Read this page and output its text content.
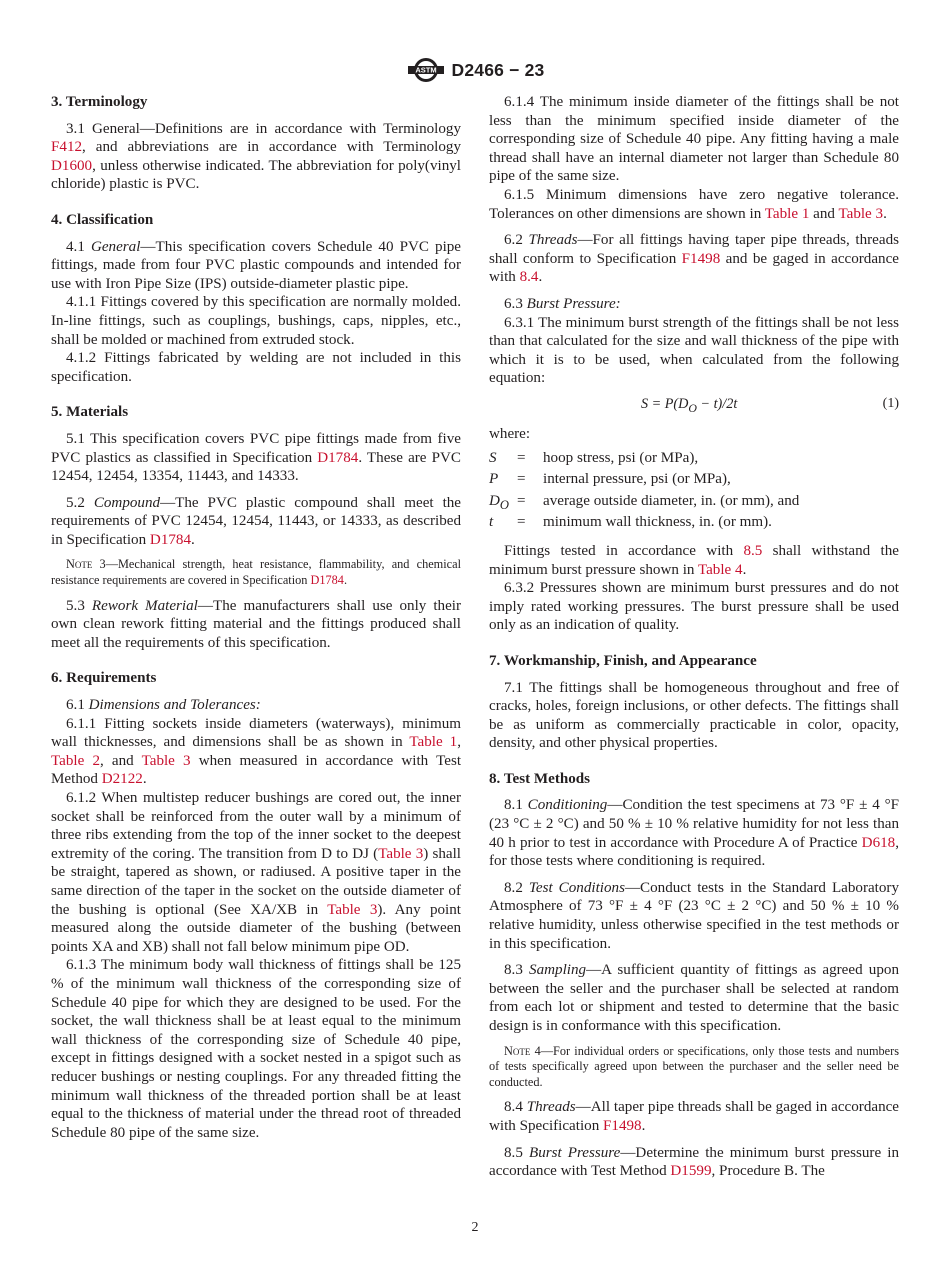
ASTM D2466 − 23
3. Terminology

3.1 General—Definitions are in accordance with Terminology F412, and abbreviations are in accordance with Terminology D1600, unless otherwise indicated. The abbreviation for poly(vinyl chloride) plastic is PVC.

4. Classification

4.1 General—This specification covers Schedule 40 PVC pipe fittings, made from four PVC plastic compounds and intended for use with Iron Pipe Size (IPS) outside-diameter plastic pipe.

4.1.1 Fittings covered by this specification are normally molded. In-line fittings, such as couplings, bushings, caps, nipples, etc., shall be molded or machined from extruded stock.

4.1.2 Fittings fabricated by welding are not included in this specification.

5. Materials

5.1 This specification covers PVC pipe fittings made from five PVC plastics as classified in Specification D1784. These are PVC 12454, 12454, 13354, 11443, and 14333.

5.2 Compound—The PVC plastic compound shall meet the requirements of PVC 12454, 12454, 11443, or 14333, as described in Specification D1784.

Note 3—Mechanical strength, heat resistance, flammability, and chemical resistance requirements are covered in Specification D1784.

5.3 Rework Material—The manufacturers shall use only their own clean rework fitting material and the fittings produced shall meet all the requirements of this specification.

6. Requirements

6.1 Dimensions and Tolerances:

6.1.1 Fitting sockets inside diameters (waterways), minimum wall thicknesses, and dimensions shall be as shown in Table 1, Table 2, and Table 3 when measured in accordance with Test Method D2122.

6.1.2 When multistep reducer bushings are cored out, the inner socket shall be reinforced from the outer wall by a minimum of three ribs extending from the top of the inner socket to the deepest extremity of the coring. The transition from D to DJ (Table 3) shall be straight, tapered as shown, or radiused. A positive taper in the same direction of the taper in the socket on the outside diameter of the bushing is optional (See XA/XB in Table 3). Any point measured along the outside diameter of the bushing (between points XA and XB) shall not fall below minimum pipe OD.

6.1.3 The minimum body wall thickness of fittings shall be 125 % of the minimum wall thickness of the corresponding size of Schedule 40 pipe for which they are designed to be used. For the socket, the wall thickness shall be at least equal to the minimum wall thickness of the corresponding size of Schedule 40 pipe, except in fittings designed with a socket nested in a spigot such as reducer bushings or nesting couplings. For any threaded fitting the minimum wall thickness of the threaded portion shall be at least equal to the thickness of material under the thread root of threaded Schedule 80 pipe of the same size.

6.1.4 The minimum inside diameter of the fittings shall be not less than the minimum specified inside diameter of the corresponding size of Schedule 40 pipe. Any fitting having a male thread shall have an internal diameter not larger than Schedule 80 pipe of the same size.

6.1.5 Minimum dimensions have zero negative tolerance. Tolerances on other dimensions are shown in Table 1 and Table 3.

6.2 Threads—For all fittings having taper pipe threads, threads shall conform to Specification F1498 and be gaged in accordance with 8.4.

6.3 Burst Pressure:

6.3.1 The minimum burst strength of the fittings shall be not less than that calculated for the size and wall thickness of the pipe with which it is to be used, when calculated from the following equation:

$S = P(D_O - t)/2t$	(1)

where:

S	=	hoop stress, psi (or MPa),
P	=	internal pressure, psi (or MPa),
$D_O$ =	average outside diameter, in. (or mm), and
t	=	minimum wall thickness, in. (or mm).

Fittings tested in accordance with 8.5 shall withstand the minimum burst pressure shown in Table 4.

6.3.2 Pressures shown are minimum burst pressures and do not imply rated working pressures. The burst pressure shall be used only as an indication of quality.

7. Workmanship, Finish, and Appearance

7.1 The fittings shall be homogeneous throughout and free of cracks, holes, foreign inclusions, or other defects. The fittings shall be as uniform as commercially practicable in color, opacity, density, and other physical properties.

8. Test Methods

8.1 Conditioning—Condition the test specimens at 73 °F ± 4 °F (23 °C ± 2 °C) and 50 % ± 10 % relative humidity for not less than 40 h prior to test in accordance with Procedure A of Practice D618, for those tests where conditioning is required.

8.2 Test Conditions—Conduct tests in the Standard Laboratory Atmosphere of 73 °F ± 4 °F (23 °C ± 2 °C) and 50 % ± 10 % relative humidity, unless otherwise specified in the test methods or in this specification.

8.3 Sampling—A sufficient quantity of fittings as agreed upon between the seller and the purchaser shall be selected at random from each lot or shipment and tested to determine that the basic design is in conformance with this specification.

Note 4—For individual orders or specifications, only those tests and numbers of tests specifically agreed upon between the purchaser and the seller need be conducted.

8.4 Threads—All taper pipe threads shall be gaged in accordance with Specification F1498.

8.5 Burst Pressure—Determine the minimum burst pressure in accordance with Test Method D1599, Procedure B. The

2
